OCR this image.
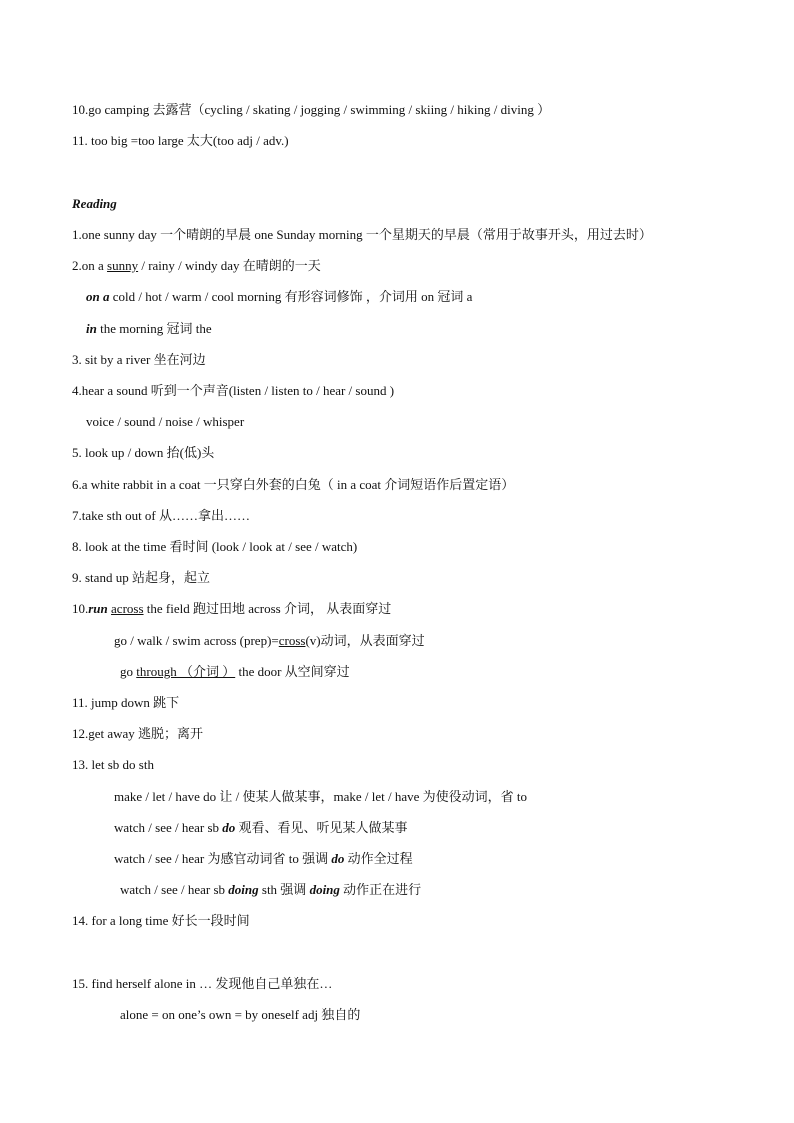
10.go camping 去露营（cycling / skating / jogging / swimming / skiing / hiking / diving ）
11. too big =too large 太大(too adj / adv.)
Reading
1.one sunny day 一个晴朗的早晨 one Sunday morning 一个星期天的早晨（常用于故事开头，用过去时）
2.on a sunny / rainy / windy day 在晴朗的一天
on a cold / hot / warm / cool morning 有形容词修饰 ，介词用 on 冠词 a
in the morning 冠词 the
3. sit by a river 坐在河边
4.hear a sound 听到一个声音(listen / listen to / hear / sound )
voice / sound / noise / whisper
5. look up / down 抬(低)头
6.a white rabbit in a coat 一只穿白外套的白兔（ in a coat 介词短语作后置定语）
7.take sth out of 从……拿出……
8. look at the time 看时间 (look / look at / see / watch)
9. stand up 站起身，起立
10.run across the field 跑过田地 across 介词， 从表面穿过
go / walk / swim across (prep)=cross(v)动词，从表面穿过
go through （介词 ） the door 从空间穿过
11. jump down 跳下
12.get away 逃脱；离开
13. let sb do sth
make / let / have do 让 / 使某人做某事，make / let / have 为使役动词，省 to
watch / see / hear sb do 观看、看见、听见某人做某事
watch / see / hear 为感官动词省 to 强调 do 动作全过程
watch / see / hear sb doing sth 强调 doing 动作正在进行
14. for a long time 好长一段时间
15. find herself alone in … 发现他自己单独在…
alone = on one’s own = by oneself adj 独自的
